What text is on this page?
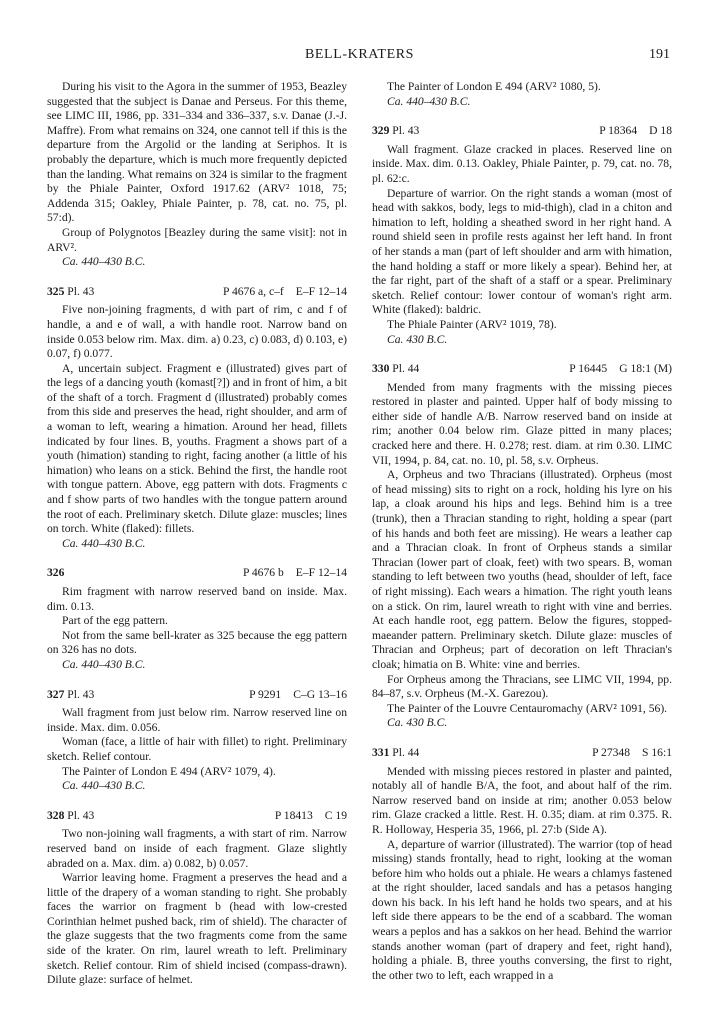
BELL-KRATERS	191
During his visit to the Agora in the summer of 1953, Beazley suggested that the subject is Danae and Perseus. For this theme, see LIMC III, 1986, pp. 331–334 and 336–337, s.v. Danae (J.-J. Maffre). From what remains on 324, one cannot tell if this is the departure from the Argolid or the landing at Seriphos. It is probably the departure, which is much more frequently depicted than the landing. What remains on 324 is similar to the fragment by the Phiale Painter, Oxford 1917.62 (ARV² 1018, 75; Addenda 315; Oakley, Phiale Painter, p. 78, cat. no. 75, pl. 57:d).
Group of Polygnotos [Beazley during the same visit]: not in ARV².
Ca. 440–430 B.C.
325 Pl. 43	P 4676 a, c–f	E–F 12–14
Five non-joining fragments, d with part of rim, c and f of handle, a and e of wall, a with handle root. Narrow band on inside 0.053 below rim. Max. dim. a) 0.23, c) 0.083, d) 0.103, e) 0.07, f) 0.077.
A, uncertain subject. Fragment e (illustrated) gives part of the legs of a dancing youth (komast[?]) and in front of him, a bit of the shaft of a torch. Fragment d (illustrated) probably comes from this side and preserves the head, right shoulder, and arm of a woman to left, wearing a himation. Around her head, fillets indicated by four lines. B, youths. Fragment a shows part of a youth (himation) standing to right, facing another (a little of his himation) who leans on a stick. Behind the first, the handle root with tongue pattern. Above, egg pattern with dots. Fragments c and f show parts of two handles with the tongue pattern around the root of each. Preliminary sketch. Dilute glaze: muscles; lines on torch. White (flaked): fillets.
Ca. 440–430 B.C.
326	P 4676 b	E–F 12–14
Rim fragment with narrow reserved band on inside. Max. dim. 0.13.
Part of the egg pattern.
Not from the same bell-krater as 325 because the egg pattern on 326 has no dots.
Ca. 440–430 B.C.
327 Pl. 43	P 9291	C–G 13–16
Wall fragment from just below rim. Narrow reserved line on inside. Max. dim. 0.056.
Woman (face, a little of hair with fillet) to right. Preliminary sketch. Relief contour.
The Painter of London E 494 (ARV² 1079, 4).
Ca. 440–430 B.C.
328 Pl. 43	P 18413	C 19
Two non-joining wall fragments, a with start of rim. Narrow reserved band on inside of each fragment. Glaze slightly abraded on a. Max. dim. a) 0.082, b) 0.057.
Warrior leaving home. Fragment a preserves the head and a little of the drapery of a woman standing to right. She probably faces the warrior on fragment b (head with low-crested Corinthian helmet pushed back, rim of shield). The character of the glaze suggests that the two fragments come from the same side of the krater. On rim, laurel wreath to left. Preliminary sketch. Relief contour. Rim of shield incised (compass-drawn). Dilute glaze: surface of helmet.
The Painter of London E 494 (ARV² 1080, 5).
Ca. 440–430 B.C.
329 Pl. 43	P 18364	D 18
Wall fragment. Glaze cracked in places. Reserved line on inside. Max. dim. 0.13. Oakley, Phiale Painter, p. 79, cat. no. 78, pl. 62:c.
Departure of warrior. On the right stands a woman (most of head with sakkos, body, legs to mid-thigh), clad in a chiton and himation to left, holding a sheathed sword in her right hand. A round shield seen in profile rests against her left hand. In front of her stands a man (part of left shoulder and arm with himation, the hand holding a staff or more likely a spear). Behind her, at the far right, part of the shaft of a staff or a spear. Preliminary sketch. Relief contour: lower contour of woman's right arm. White (flaked): baldric.
The Phiale Painter (ARV² 1019, 78).
Ca. 430 B.C.
330 Pl. 44	P 16445	G 18:1 (M)
Mended from many fragments with the missing pieces restored in plaster and painted. Upper half of body missing to either side of handle A/B. Narrow reserved band on inside at rim; another 0.04 below rim. Glaze pitted in many places; cracked here and there. H. 0.278; rest. diam. at rim 0.30. LIMC VII, 1994, p. 84, cat. no. 10, pl. 58, s.v. Orpheus.
A, Orpheus and two Thracians (illustrated). Orpheus (most of head missing) sits to right on a rock, holding his lyre on his lap, a cloak around his hips and legs. Behind him is a tree (trunk), then a Thracian standing to right, holding a spear (part of his hands and both feet are missing). He wears a leather cap and a Thracian cloak. In front of Orpheus stands a similar Thracian (lower part of cloak, feet) with two spears. B, woman standing to left between two youths (head, shoulder of left, face of right missing). Each wears a himation. The right youth leans on a stick. On rim, laurel wreath to right with vine and berries. At each handle root, egg pattern. Below the figures, stopped-maeander pattern. Preliminary sketch. Dilute glaze: muscles of Thracian and Orpheus; part of decoration on left Thracian's cloak; himatia on B. White: vine and berries.
For Orpheus among the Thracians, see LIMC VII, 1994, pp. 84–87, s.v. Orpheus (M.-X. Garezou).
The Painter of the Louvre Centauromachy (ARV² 1091, 56).
Ca. 430 B.C.
331 Pl. 44	P 27348	S 16:1
Mended with missing pieces restored in plaster and painted, notably all of handle B/A, the foot, and about half of the rim. Narrow reserved band on inside at rim; another 0.053 below rim. Glaze cracked a little. Rest. H. 0.35; diam. at rim 0.375. R. R. Holloway, Hesperia 35, 1966, pl. 27:b (Side A).
A, departure of warrior (illustrated). The warrior (top of head missing) stands frontally, head to right, looking at the woman before him who holds out a phiale. He wears a chlamys fastened at the right shoulder, laced sandals and has a petasos hanging down his back. In his left hand he holds two spears, and at his left side there appears to be the end of a scabbard. The woman wears a peplos and has a sakkos on her head. Behind the warrior stands another woman (part of drapery and feet, right hand), holding a phiale. B, three youths conversing, the first to right, the other two to left, each wrapped in a
